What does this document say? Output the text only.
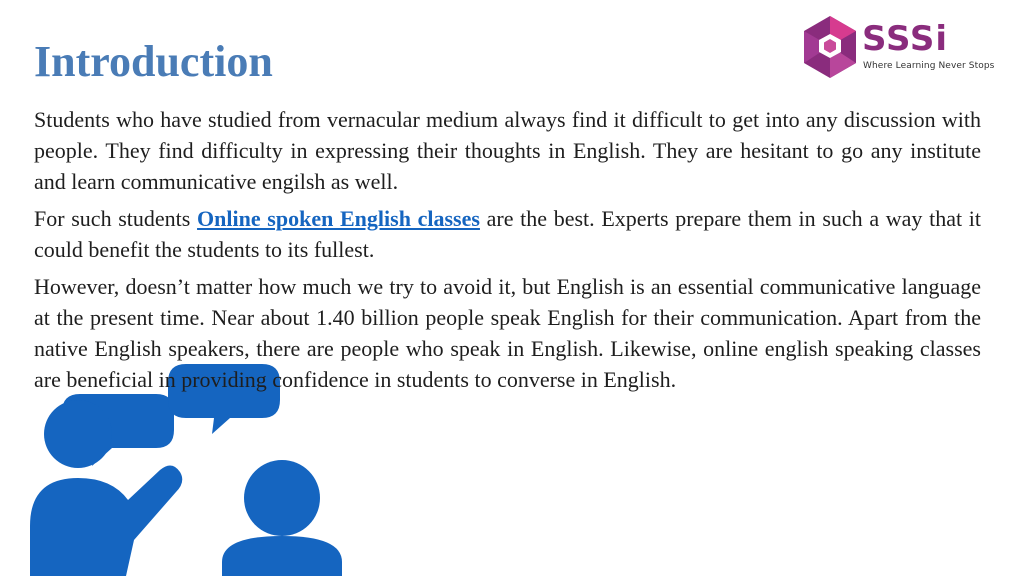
Introduction	SSSi
Where Learning Never Stops

Students who have studied from vernacular medium always find it difficult to get into any discussion with people. They find difficulty in expressing their thoughts in English. They are hesitant to go any institute and learn communicative engilsh as well.

For such students Online spoken English classes are the best. Experts prepare them in such a way that it could benefit the students to its fullest.

However, doesn’t matter how much we try to avoid it, but English is an essential communicative language at the present time. Near about 1.40 billion people speak English for their communication. Apart from the native English speakers, there are people who speak in English. Likewise, online english speaking classes are beneficial in providing confidence in students to converse in English.
